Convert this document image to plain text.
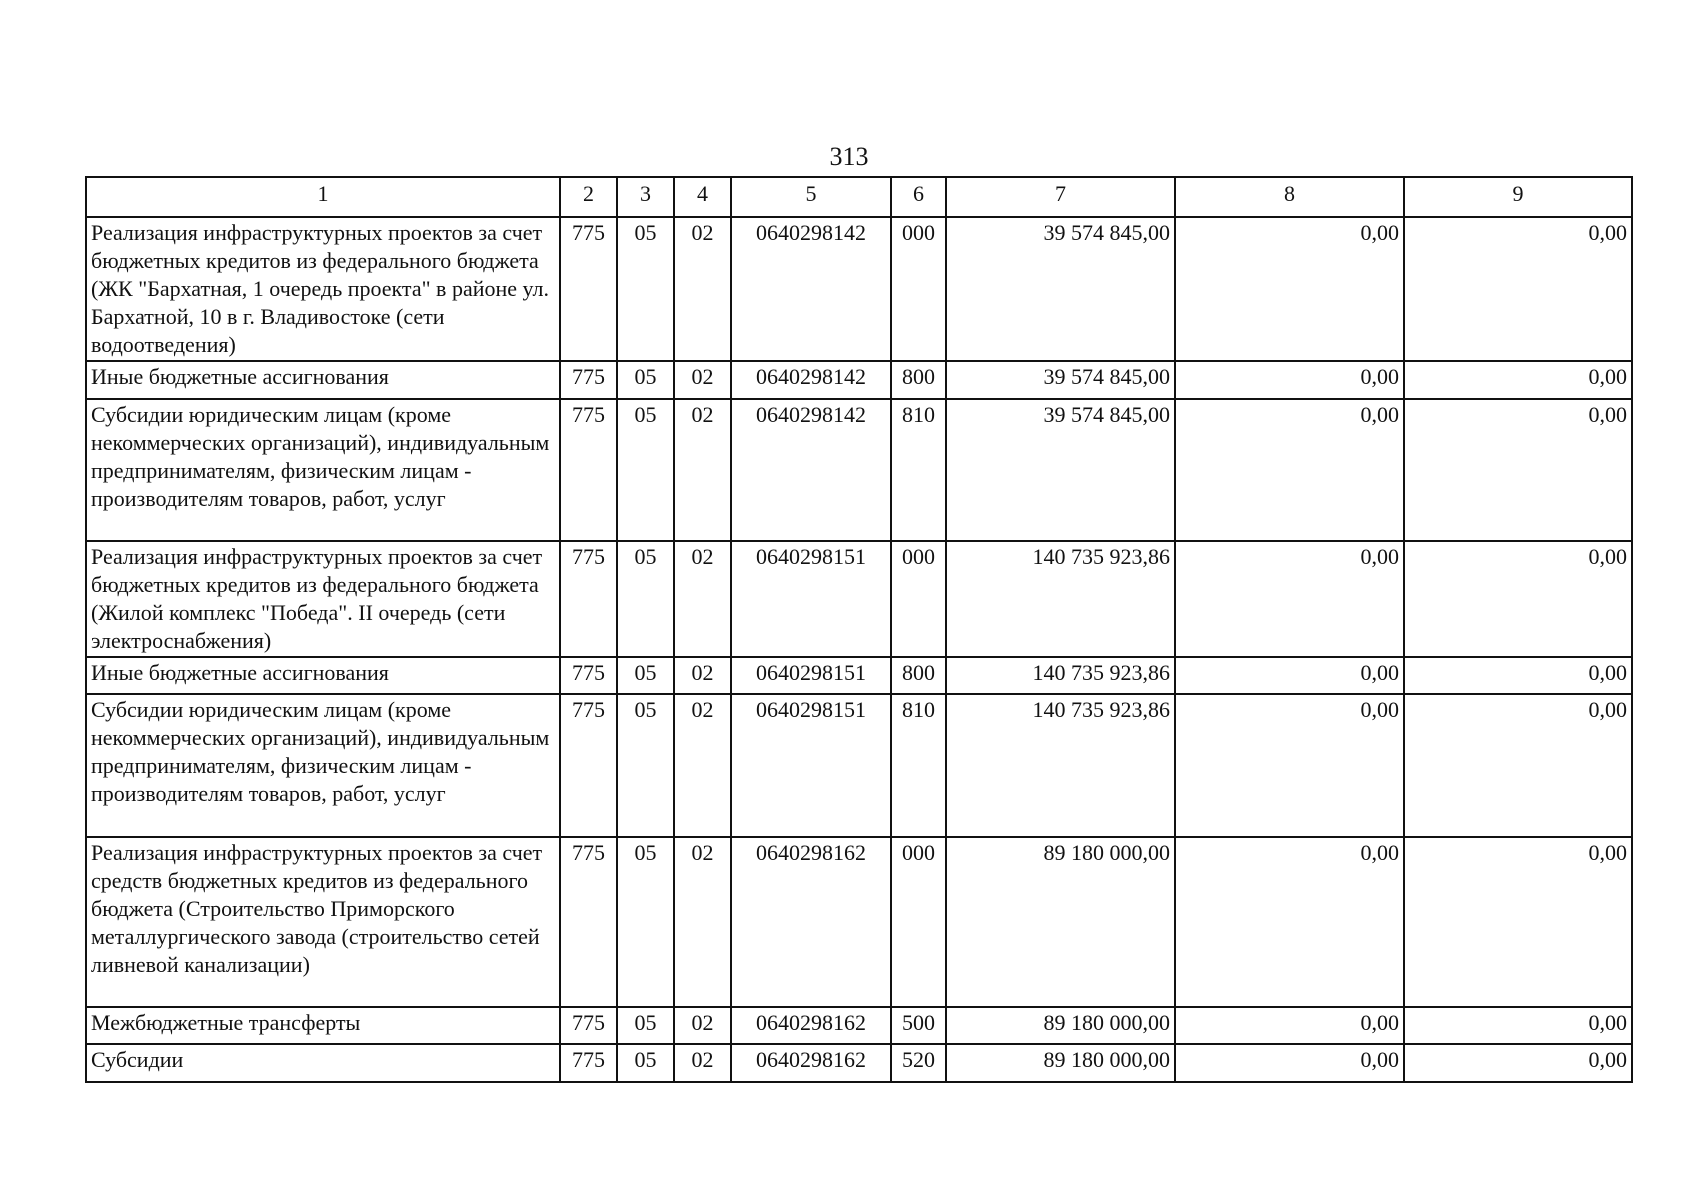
313
1	2	3	4	5	6	7	8	9
Реализация инфраструктурных проектов за счет бюджетных кредитов из федерального бюджета (ЖК "Бархатная, 1 очередь проекта" в районе ул. Бархатной, 10 в г. Владивостоке (сети водоотведения)	775	05	02	0640298142	000	39 574 845,00	0,00	0,00
Иные бюджетные ассигнования	775	05	02	0640298142	800	39 574 845,00	0,00	0,00
Субсидии юридическим лицам (кроме некоммерческих организаций), индивидуальным предпринимателям, физическим лицам - производителям товаров, работ, услуг	775	05	02	0640298142	810	39 574 845,00	0,00	0,00
Реализация инфраструктурных проектов за счет бюджетных кредитов из федерального бюджета (Жилой комплекс "Победа". II очередь (сети электроснабжения)	775	05	02	0640298151	000	140 735 923,86	0,00	0,00
Иные бюджетные ассигнования	775	05	02	0640298151	800	140 735 923,86	0,00	0,00
Субсидии юридическим лицам (кроме некоммерческих организаций), индивидуальным предпринимателям, физическим лицам - производителям товаров, работ, услуг	775	05	02	0640298151	810	140 735 923,86	0,00	0,00
Реализация инфраструктурных проектов за счет средств бюджетных кредитов из федерального бюджета (Строительство Приморского металлургического завода (строительство сетей ливневой канализации)	775	05	02	0640298162	000	89 180 000,00	0,00	0,00
Межбюджетные трансферты	775	05	02	0640298162	500	89 180 000,00	0,00	0,00
Субсидии	775	05	02	0640298162	520	89 180 000,00	0,00	0,00
